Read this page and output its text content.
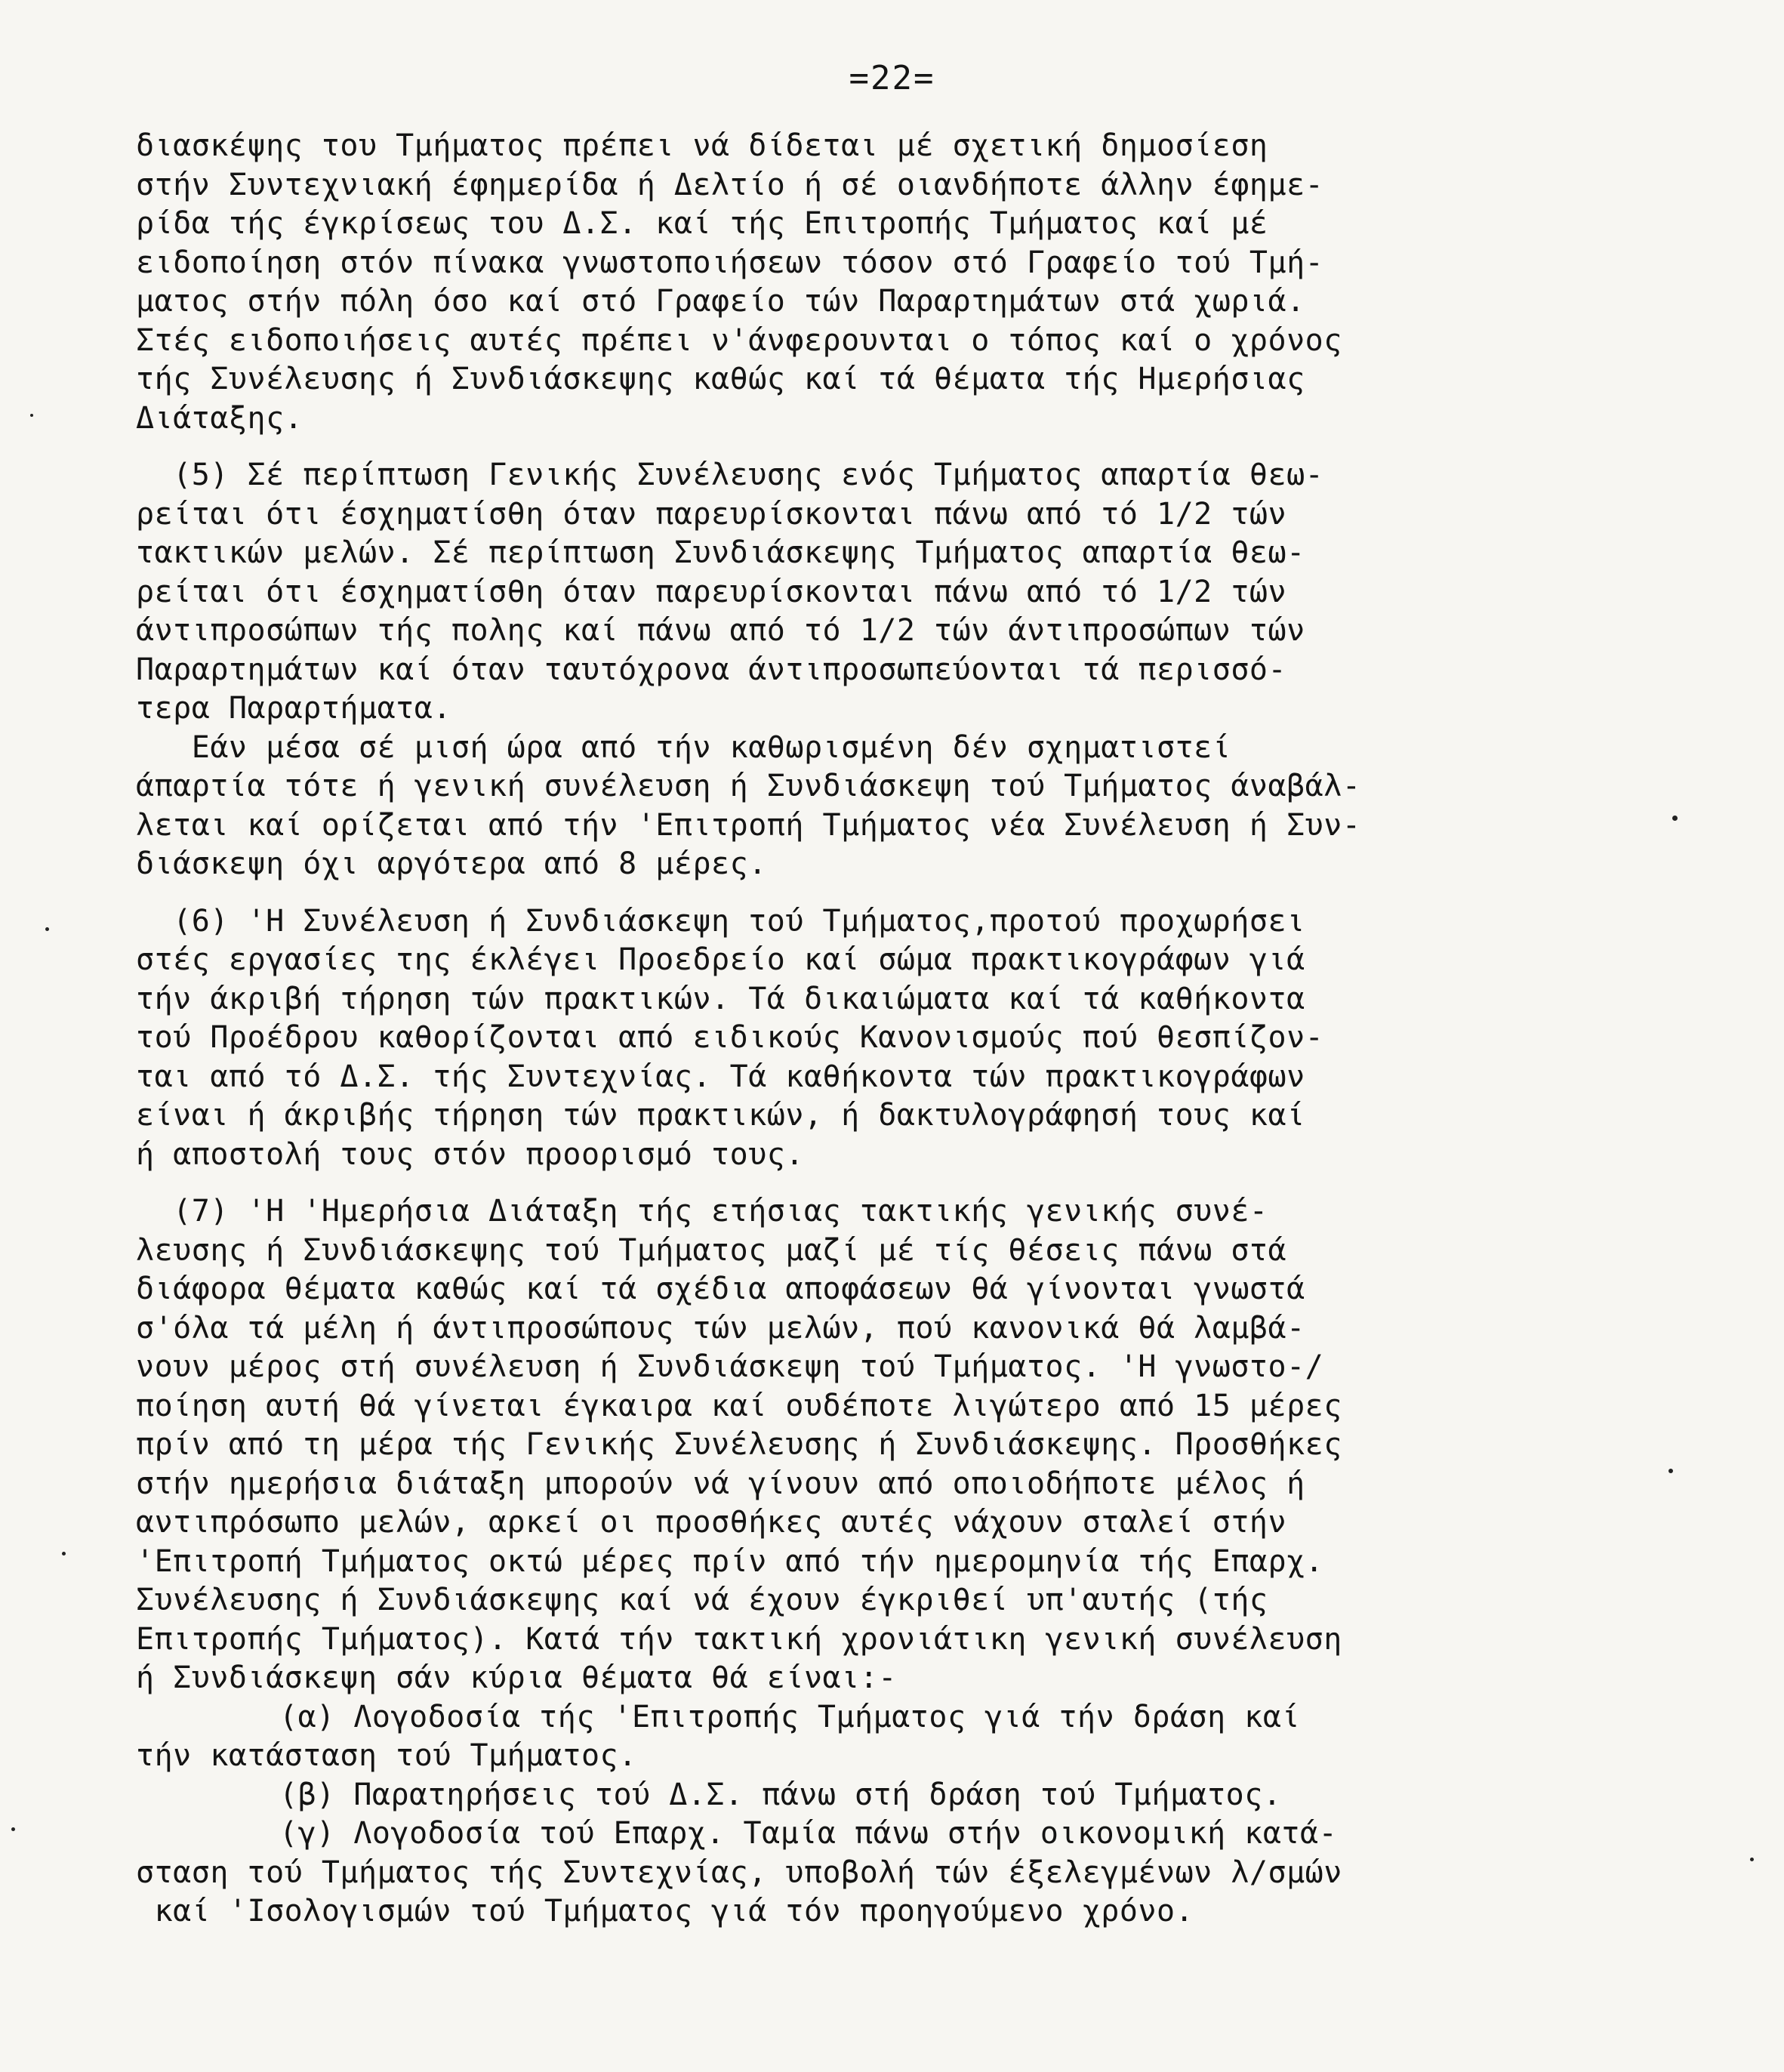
=22=

διασκέψης του Τμήματος πρέπει νά δίδεται μέ σχετική δημοσίεση
στήν Συντεχνιακή έφημερίδα ή Δελτίο ή σέ οιανδήποτε άλλην έφημε-
ρίδα τής έγκρίσεως του Δ.Σ. καί τής Επιτροπής Τμήματος καί μέ
ειδοποίηση στόν πίνακα γνωστοποιήσεων τόσον στό Γραφείο τού Τμή-
ματος στήν πόλη όσο καί στό Γραφείο τών Παραρτημάτων στά χωριά.
Στές ειδοποιήσεις αυτές πρέπει ν'άνφερουνται ο τόπος καί ο χρόνος
τής Συνέλευσης ή Συνδιάσκεψης καθώς καί τά θέματα τής Ημερήσιας
Διάταξης.

(5) Σέ περίπτωση Γενικής Συνέλευσης ενός Τμήματος απαρτία θεω-
ρείται ότι έσχηματίσθη όταν παρευρίσκονται πάνω από τό 1/2 τών
τακτικών μελών. Σέ περίπτωση Συνδιάσκεψης Τμήματος απαρτία θεω-
ρείται ότι έσχηματίσθη όταν παρευρίσκονται πάνω από τό 1/2 τών
άντιπροσώπων τής πολης καί πάνω από τό 1/2 τών άντιπροσώπων τών
Παραρτημάτων καί όταν ταυτόχρονα άντιπροσωπεύονται τά περισσό-
τερα Παραρτήματα.
Εάν μέσα σέ μισή ώρα από τήν καθωρισμένη δέν σχηματιστεί
άπαρτία τότε ή γενική συνέλευση ή Συνδιάσκεψη τού Τμήματος άναβάλ-
λεται καί ορίζεται από τήν 'Επιτροπή Τμήματος νέα Συνέλευση ή Συν-
διάσκεψη όχι αργότερα από 8 μέρες.

(6) 'Η Συνέλευση ή Συνδιάσκεψη τού Τμήματος,προτού προχωρήσει
στές εργασίες της έκλέγει Προεδρείο καί σώμα πρακτικογράφων γιά
τήν άκριβή τήρηση τών πρακτικών. Τά δικαιώματα καί τά καθήκοντα
τού Προέδρου καθορίζονται από ειδικούς Κανονισμούς πού θεσπίζον-
ται από τό Δ.Σ. τής Συντεχνίας. Τά καθήκοντα τών πρακτικογράφων
είναι ή άκριβής τήρηση τών πρακτικών, ή δακτυλογράφησή τους καί
ή αποστολή τους στόν προορισμό τους.

(7) 'Η 'Ημερήσια Διάταξη τής ετήσιας τακτικής γενικής συνέ-
λευσης ή Συνδιάσκεψης τού Τμήματος μαζί μέ τίς θέσεις πάνω στά
διάφορα θέματα καθώς καί τά σχέδια αποφάσεων θά γίνονται γνωστά
σ'όλα τά μέλη ή άντιπροσώπους τών μελών, πού κανονικά θά λαμβά-
νουν μέρος στή συνέλευση ή Συνδιάσκεψη τού Τμήματος. 'Η γνωστο-/
ποίηση αυτή θά γίνεται έγκαιρα καί ουδέποτε λιγώτερο από 15 μέρες
πρίν από τη μέρα τής Γενικής Συνέλευσης ή Συνδιάσκεψης. Προσθήκες
στήν ημερήσια διάταξη μπορούν νά γίνουν από οποιοδήποτε μέλος ή
αντιπρόσωπο μελών, αρκεί οι προσθήκες αυτές νάχουν σταλεί στήν
'Επιτροπή Τμήματος οκτώ μέρες πρίν από τήν ημερομηνία τής Επαρχ.
Συνέλευσης ή Συνδιάσκεψης καί νά έχουν έγκριθεί υπ'αυτής (τής
Επιτροπής Τμήματος). Κατά τήν τακτική χρονιάτικη γενική συνέλευση
ή Συνδιάσκεψη σάν κύρια θέματα θά είναι:-

(α) Λογοδοσία τής 'Επιτροπής Τμήματος γιά τήν δράση καί
τήν κατάσταση τού Τμήματος.
(β) Παρατηρήσεις τού Δ.Σ. πάνω στή δράση τού Τμήματος.
(γ) Λογοδοσία τού Επαρχ. Ταμία πάνω στήν οικονομική κατά-
σταση τού Τμήματος τής Συντεχνίας, υποβολή τών έξελεγμένων λ/σμών
καί 'Ισολογισμών τού Τμήματος γιά τόν προηγούμενο χρόνο.
